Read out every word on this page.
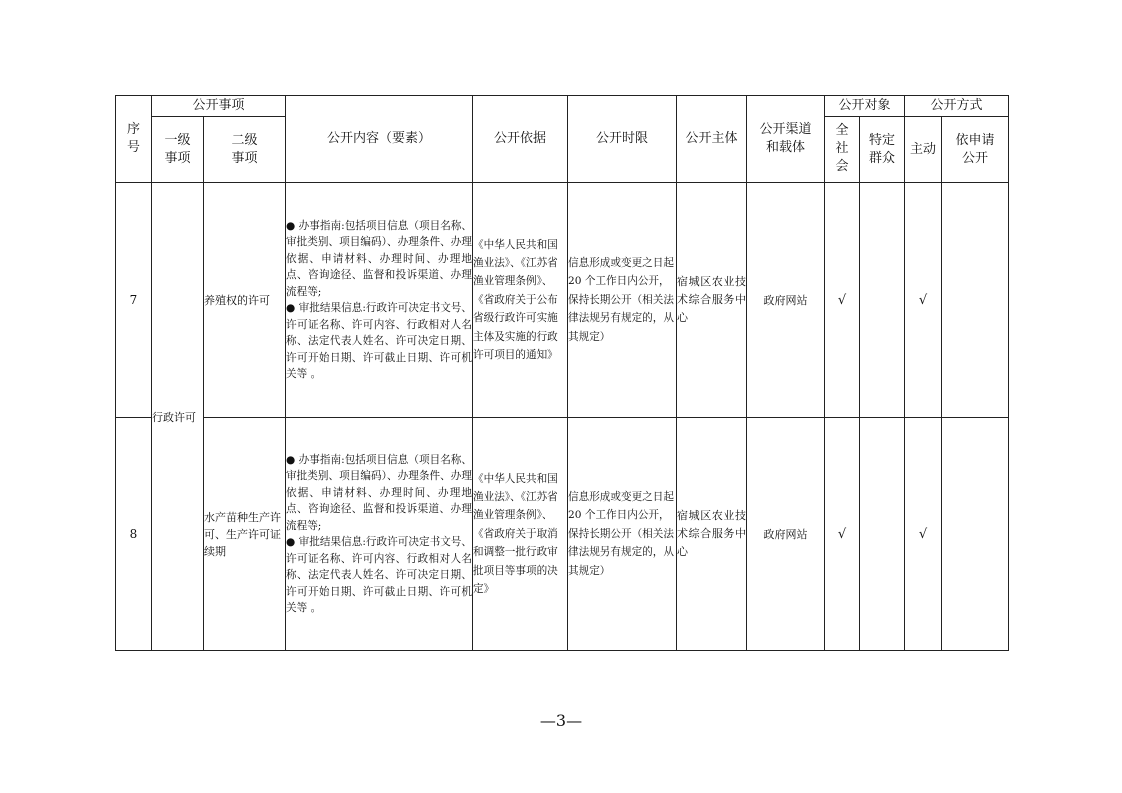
序号	公开事项		公开内容（要素）	公开依据	公开时限	公开主体	公开渠道和载体	公开对象		公开方式	

	一级事项	二级事项						全社会	特定群众	主动	依申请公开

7	行政许可	养殖权的许可	● 办事指南:包括项目信息（项目名称、审批类别、项目编码）、办理条件、办理依据、申请材料、办理时间、办理地点、咨询途径、监督和投诉渠道、办理流程等;
● 审批结果信息:行政许可决定书文号、许可证名称、许可内容、行政相对人名称、法定代表人姓名、许可决定日期、许可开始日期、许可截止日期、许可机关等 。	《中华人民共和国渔业法》、《江苏省渔业管理条例》、《省政府关于公布省级行政许可实施主体及实施的行政许可项目的通知》	信息形成或变更之日起 20 个工作日内公开，保持长期公开（相关法律法规另有规定的，从其规定）	宿城区农业技术综合服务中心	政府网站	√		√	
8		水产苗种生产许可、生产许可证续期	● 办事指南:包括项目信息（项目名称、审批类别、项目编码）、办理条件、办理依据、申请材料、办理时间、办理地点、咨询途径、监督和投诉渠道、办理流程等;
● 审批结果信息:行政许可决定书文号、许可证名称、许可内容、行政相对人名称、法定代表人姓名、许可决定日期、许可开始日期、许可截止日期、许可机关等 。	《中华人民共和国渔业法》、《江苏省渔业管理条例》、《省政府关于取消和调整一批行政审批项目等事项的决定》	信息形成或变更之日起 20 个工作日内公开，保持长期公开（相关法律法规另有规定的，从其规定）	宿城区农业技术综合服务中心	政府网站	√		√	
—3—
